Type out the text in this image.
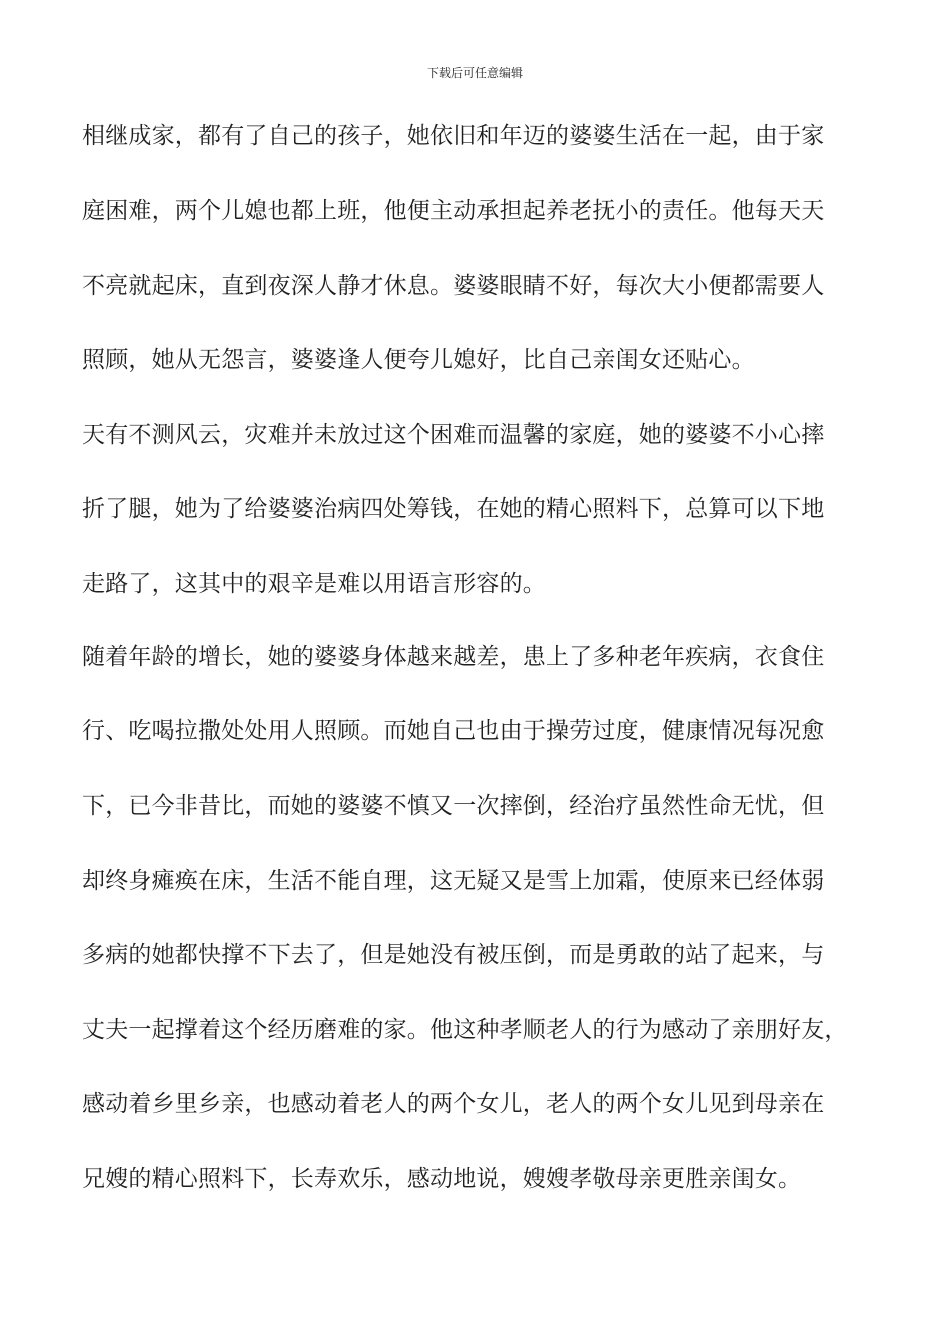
下载后可任意编辑
相继成家，都有了自己的孩子，她依旧和年迈的婆婆生活在一起，由于家
庭困难，两个儿媳也都上班，他便主动承担起养老抚小的责任。他每天天
不亮就起床，直到夜深人静才休息。婆婆眼睛不好，每次大小便都需要人
照顾，她从无怨言，婆婆逢人便夸儿媳好，比自己亲闺女还贴心。
天有不测风云，灾难并未放过这个困难而温馨的家庭，她的婆婆不小心摔
折了腿，她为了给婆婆治病四处筹钱，在她的精心照料下，总算可以下地
走路了，这其中的艰辛是难以用语言形容的。
随着年龄的增长，她的婆婆身体越来越差，患上了多种老年疾病，衣食住
行、吃喝拉撒处处用人照顾。而她自己也由于操劳过度，健康情况每况愈
下，已今非昔比，而她的婆婆不慎又一次摔倒，经治疗虽然性命无忧，但
却终身瘫痪在床，生活不能自理，这无疑又是雪上加霜，使原来已经体弱
多病的她都快撑不下去了，但是她没有被压倒，而是勇敢的站了起来，与
丈夫一起撑着这个经历磨难的家。他这种孝顺老人的行为感动了亲朋好友，
感动着乡里乡亲，也感动着老人的两个女儿，老人的两个女儿见到母亲在
兄嫂的精心照料下，长寿欢乐，感动地说，嫂嫂孝敬母亲更胜亲闺女。
